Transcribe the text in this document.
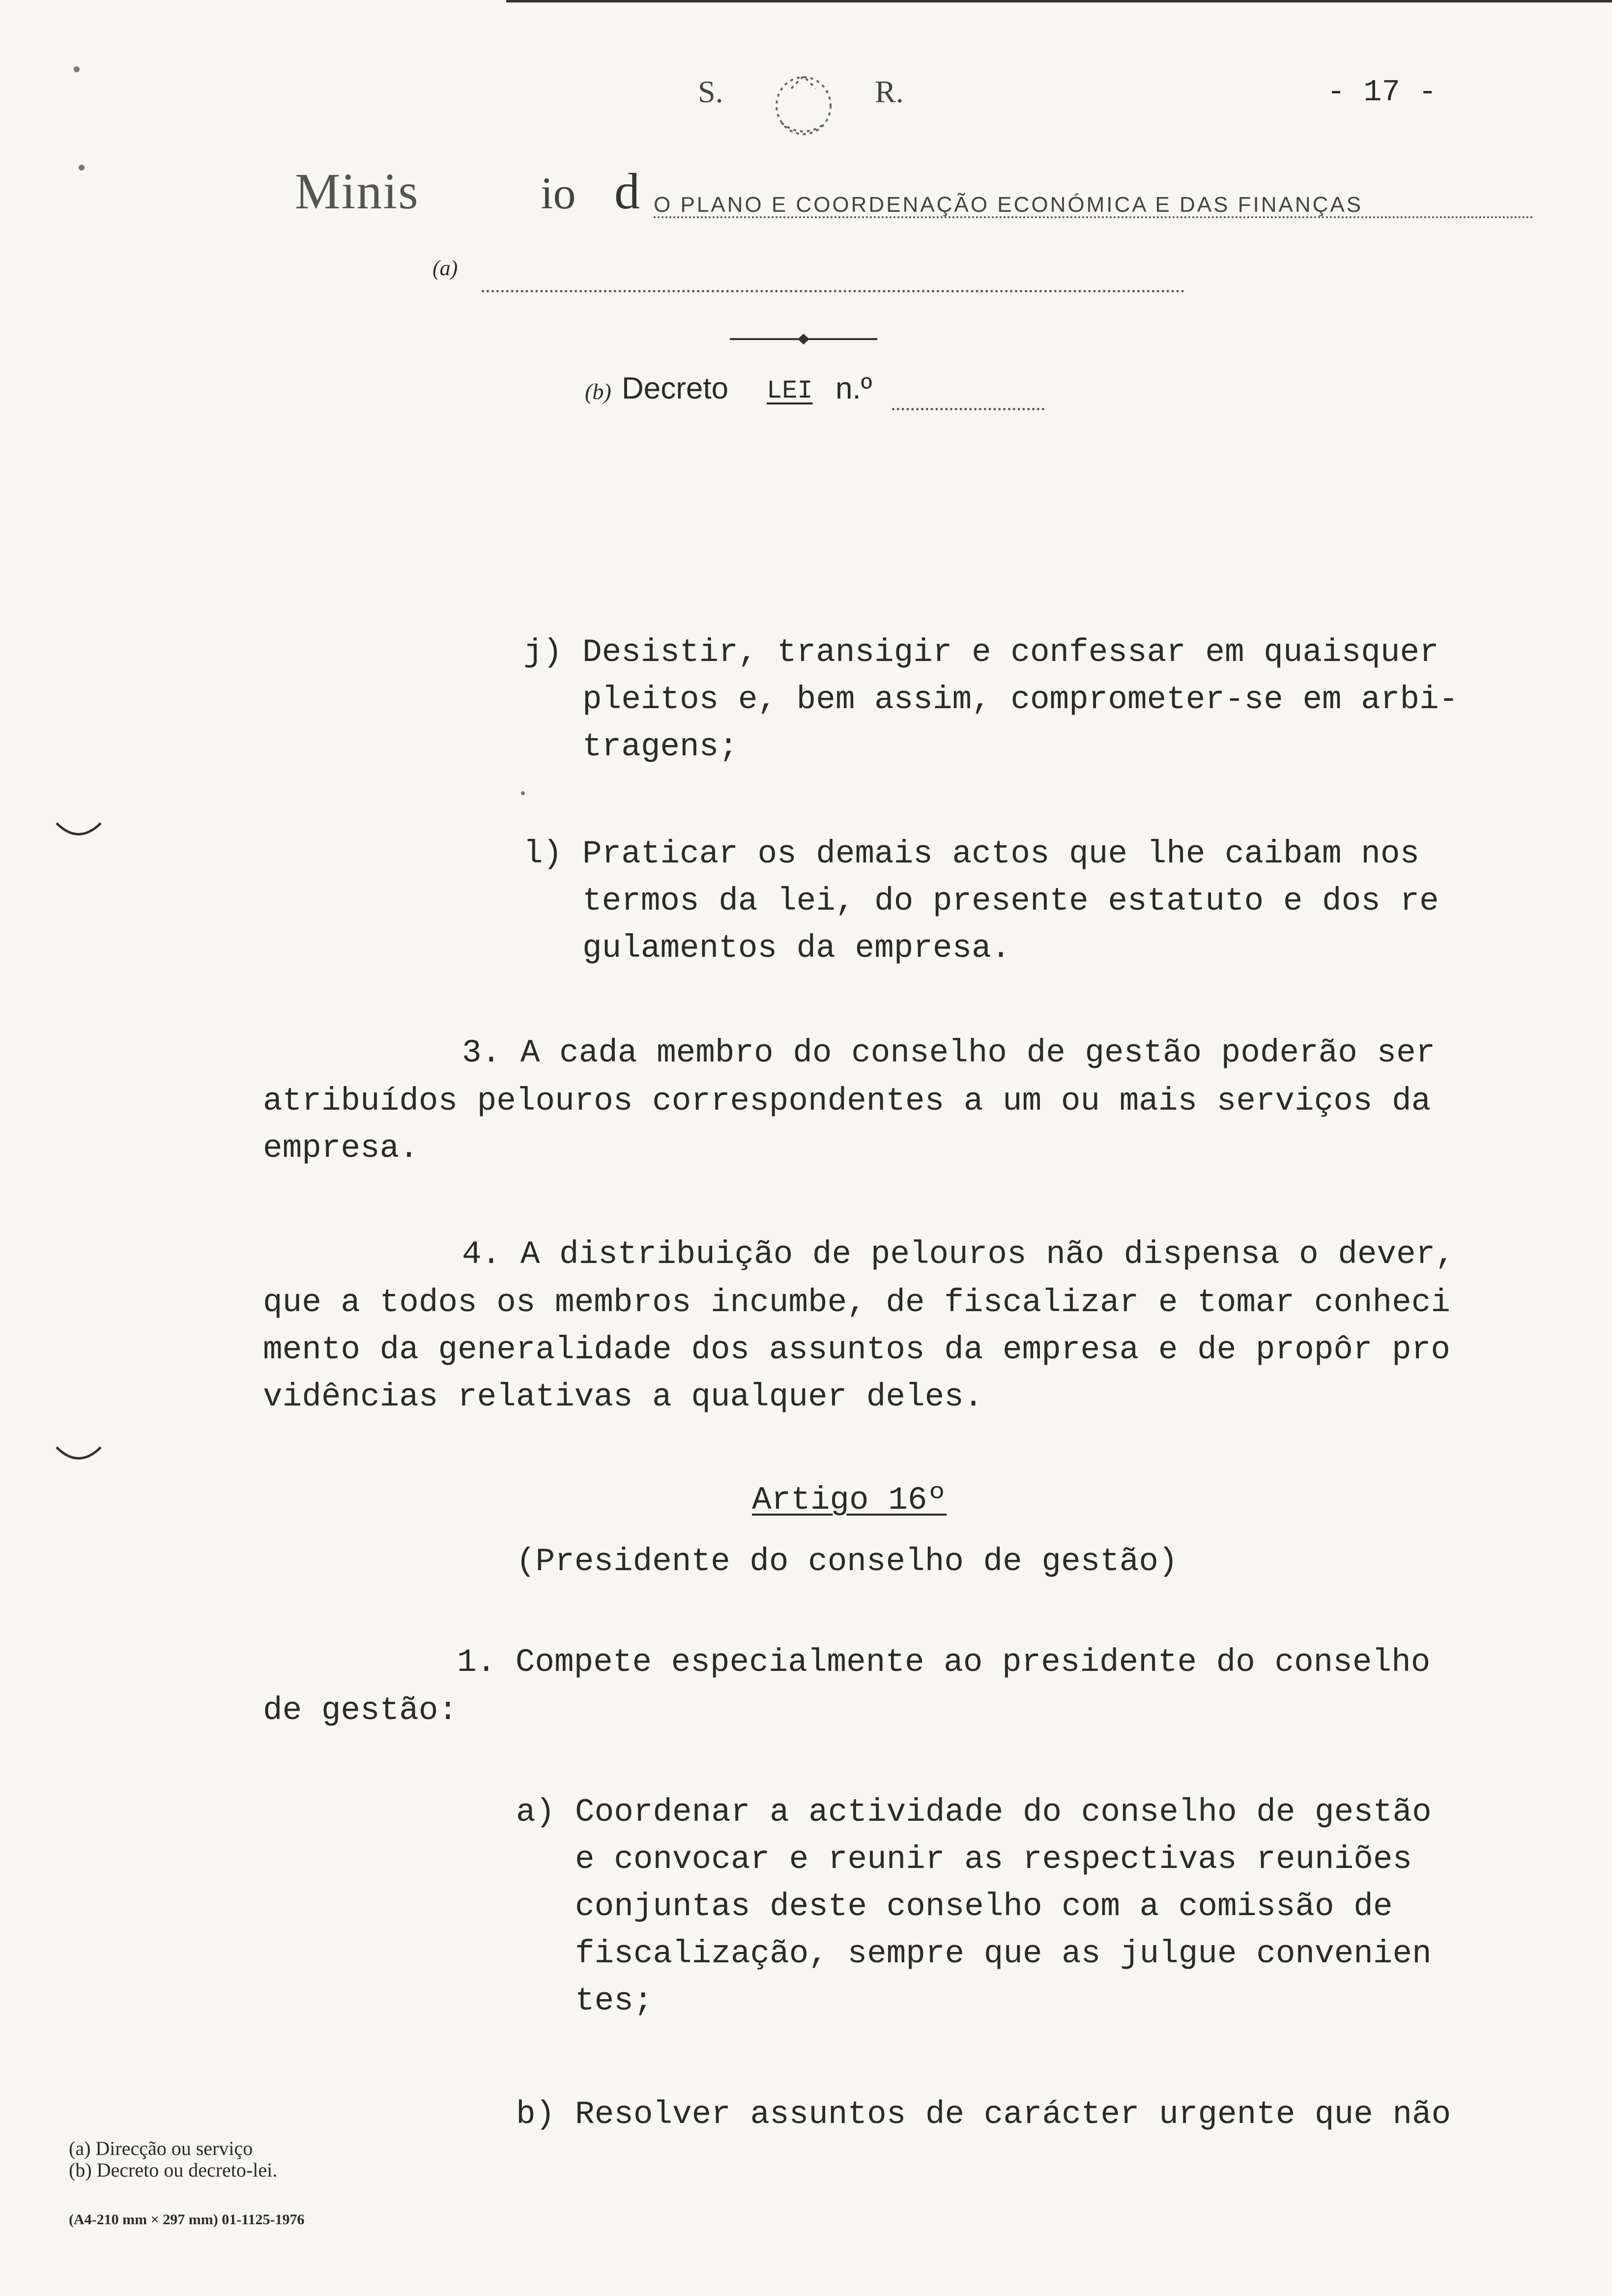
S.	R.	- 17 -
Minis	io d O PLANO E COORDENAÇÃO ECONÓMICA E DAS FINANÇAS
(a)
(b) Decreto LEI n.º
j) Desistir, transigir e confessar em quaisquer
pleitos e, bem assim, comprometer-se em arbi-
tragens;
l) Praticar os demais actos que lhe caibam nos
termos da lei, do presente estatuto e dos re
gulamentos da empresa.
3. A cada membro do conselho de gestão poderão ser
atribuídos pelouros correspondentes a um ou mais serviços da
empresa.
4. A distribuição de pelouros não dispensa o dever,
que a todos os membros incumbe, de fiscalizar e tomar conheci
mento da generalidade dos assuntos da empresa e de propôr pro
vidências relativas a qualquer deles.
Artigo 16º
(Presidente do conselho de gestão)
1. Compete especialmente ao presidente do conselho
de gestão:
a) Coordenar a actividade do conselho de gestão
e convocar e reunir as respectivas reuniões
conjuntas deste conselho com a comissão de
fiscalização, sempre que as julgue convenien
tes;
b) Resolver assuntos de carácter urgente que não
(a) Direcção ou serviço
(b) Decreto ou decreto-lei.
(A4-210 mm × 297 mm) 01-1125-1976
